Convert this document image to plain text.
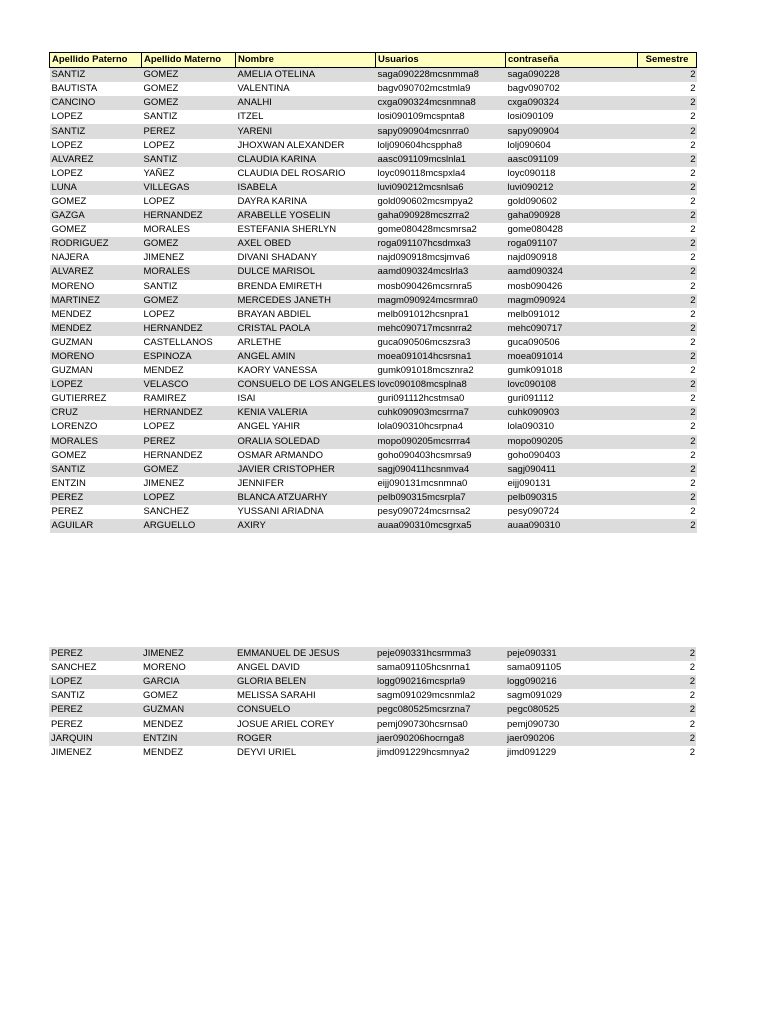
Apellido Paterno	Apellido Materno	Nombre	Usuarios	contraseña	Semestre
SANTIZ	GOMEZ	AMELIA OTELINA	saga090228mcsnmma8	saga090228	2
BAUTISTA	GOMEZ	VALENTINA	bagv090702mcstmla9	bagv090702	2
CANCINO	GOMEZ	ANALHI	cxga090324mcsnmna8	cxga090324	2
LOPEZ	SANTIZ	ITZEL	losi090109mcspnta8	losi090109	2
SANTIZ	PEREZ	YARENI	sapy090904mcsnrra0	sapy090904	2
LOPEZ	LOPEZ	JHOXWAN ALEXANDER	lolj090604hcsppha8	lolj090604	2
ALVAREZ	SANTIZ	CLAUDIA KARINA	aasc091109mcslnla1	aasc091109	2
LOPEZ	YAÑEZ	CLAUDIA DEL ROSARIO	loyc090118mcspxla4	loyc090118	2
LUNA	VILLEGAS	ISABELA	luvi090212mcsnlsa6	luvi090212	2
GOMEZ	LOPEZ	DAYRA KARINA	gold090602mcsmpya2	gold090602	2
GAZGA	HERNANDEZ	ARABELLE YOSELIN	gaha090928mcszrra2	gaha090928	2
GOMEZ	MORALES	ESTEFANIA SHERLYN	gome080428mcsmrsa2	gome080428	2
RODRIGUEZ	GOMEZ	AXEL OBED	roga091107hcsdmxa3	roga091107	2
NAJERA	JIMENEZ	DIVANI SHADANY	najd090918mcsjmva6	najd090918	2
ALVAREZ	MORALES	DULCE MARISOL	aamd090324mcslrla3	aamd090324	2
MORENO	SANTIZ	BRENDA EMIRETH	mosb090426mcsrnra5	mosb090426	2
MARTINEZ	GOMEZ	MERCEDES JANETH	magm090924mcsrmra0	magm090924	2
MENDEZ	LOPEZ	BRAYAN ABDIEL	melb091012hcsnpra1	melb091012	2
MENDEZ	HERNANDEZ	CRISTAL PAOLA	mehc090717mcsnrra2	mehc090717	2
GUZMAN	CASTELLANOS	ARLETHE	guca090506mcszsra3	guca090506	2
MORENO	ESPINOZA	ANGEL AMIN	moea091014hcsrsna1	moea091014	2
GUZMAN	MENDEZ	KAORY VANESSA	gumk091018mcsznra2	gumk091018	2
LOPEZ	VELASCO	CONSUELO DE LOS ANGELES	lovc090108mcsplna8	lovc090108	2
GUTIERREZ	RAMIREZ	ISAI	guri091112hcstmsa0	guri091112	2
CRUZ	HERNANDEZ	KENIA VALERIA	cuhk090903mcsrrna7	cuhk090903	2
LORENZO	LOPEZ	ANGEL YAHIR	lola090310hcsrpna4	lola090310	2
MORALES	PEREZ	ORALIA SOLEDAD	mopo090205mcsrrra4	mopo090205	2
GOMEZ	HERNANDEZ	OSMAR ARMANDO	goho090403hcsmrsa9	goho090403	2
SANTIZ	GOMEZ	JAVIER CRISTOPHER	sagj090411hcsnmva4	sagj090411	2
ENTZIN	JIMENEZ	JENNIFER	eijj090131mcsnmna0	eijj090131	2
PEREZ	LOPEZ	BLANCA ATZUARHY	pelb090315mcsrpla7	pelb090315	2
PEREZ	SANCHEZ	YUSSANI ARIADNA	pesy090724mcsrnsa2	pesy090724	2
AGUILAR	ARGUELLO	AXIRY	auaa090310mcsgrxa5	auaa090310	2
PEREZ	JIMENEZ	EMMANUEL DE JESUS	peje090331hcsrmma3	peje090331	2
SANCHEZ	MORENO	ANGEL DAVID	sama091105hcsnrna1	sama091105	2
LOPEZ	GARCIA	GLORIA BELEN	logg090216mcsprla9	logg090216	2
SANTIZ	GOMEZ	MELISSA SARAHI	sagm091029mcsnmla2	sagm091029	2
PEREZ	GUZMAN	CONSUELO	pegc080525mcsrzna7	pegc080525	2
PEREZ	MENDEZ	JOSUE ARIEL COREY	pemj090730hcsrnsa0	pemj090730	2
JARQUIN	ENTZIN	ROGER	jaer090206hocrnga8	jaer090206	2
JIMENEZ	MENDEZ	DEYVI URIEL	jimd091229hcsmnya2	jimd091229	2
